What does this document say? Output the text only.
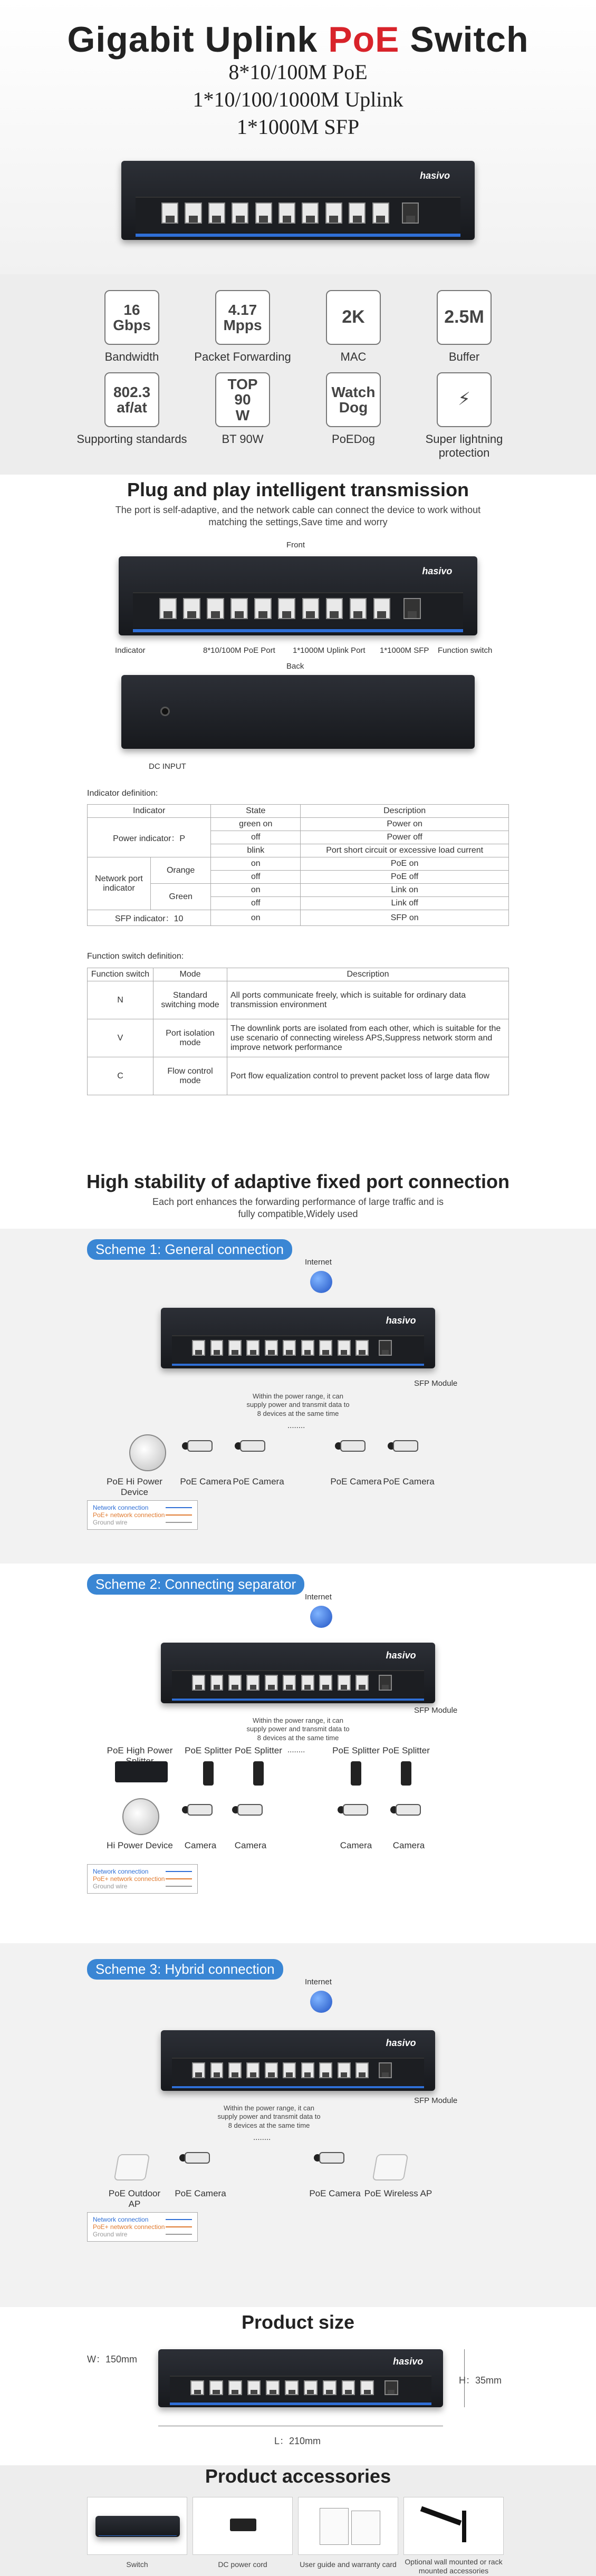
Gigabit Uplink PoE Switch
8*10/100M PoE
1*10/100/1000M Uplink
1*1000M SFP
hasivo
16
Gbps
Bandwidth
4.17
Mpps
Packet Forwarding
2K
MAC
2.5M
Buffer
802.3
af/at
Supporting standards
TOP
90
W
BT 90W
Watch
Dog
PoEDog
⚡
Super lightning protection
Plug and play intelligent transmission

The port is self-adaptive, and the network cable can connect the device to work without matching the settings,Save time and worry

Front
hasivo
Indicator	8*10/100M PoE Port 1*1000M Uplink Port 1*1000M SFP Function switch
Back
DC INPUT
Indicator definition:
Indicator		State	Description
Power indicator：P		green on	Power on
		off	Power off
		blink	Port short circuit or excessive load current
Network port indicator	Orange	on	PoE on
		off	PoE off
	Green	on	Link on
		off	Link off
SFP indicator：10		on	SFP on
Function switch definition:
Function switch	Mode	Description
N	Standard switching mode	All ports communicate freely, which is suitable for ordinary data transmission environment
V	Port isolation mode	The downlink ports are isolated from each other, which is suitable for the use scenario of connecting wireless APS,Suppress network storm and improve network performance
C	Flow control mode	Port flow equalization control to prevent packet loss of large data flow
High stability of adaptive fixed port connection

Each port enhances the forwarding performance of large traffic and is fully compatible,Widely used

Scheme 1: General connection
Internet
hasivo
SFP Module
Within the power range, it can supply power and transmit data to 8 devices at the same time
........
PoE Hi Power Device
PoE Camera PoE Camera	PoE Camera PoE Camera
Network connection
PoE+ network connection
Ground wire
Scheme 2: Connecting separator
Internet
hasivo
SFP Module
Within the power range, it can supply power and transmit data to 8 devices at the same time
........
PoE High Power	PoE Splitter PoE Splitter	PoE Splitter PoE Splitter
Hi Power Device	Camera	Camera	Camera	Camera
Network connection
PoE+ network connection
Ground wire
Scheme 3: Hybrid connection
Internet
hasivo
SFP Module
Within the power range, it can supply power and transmit data to 8 devices at the same time
........
PoE Outdoor AP
PoE Camera	PoE Camera PoE Wireless AP
Network connection
PoE+ network connection
Ground wire
Product size
W：150mm	hasivo
H：35mm
L：210mm
Product accessories
Switch	DC power cord	User guide and warranty card Optional wall mounted or rack mounted accessories
